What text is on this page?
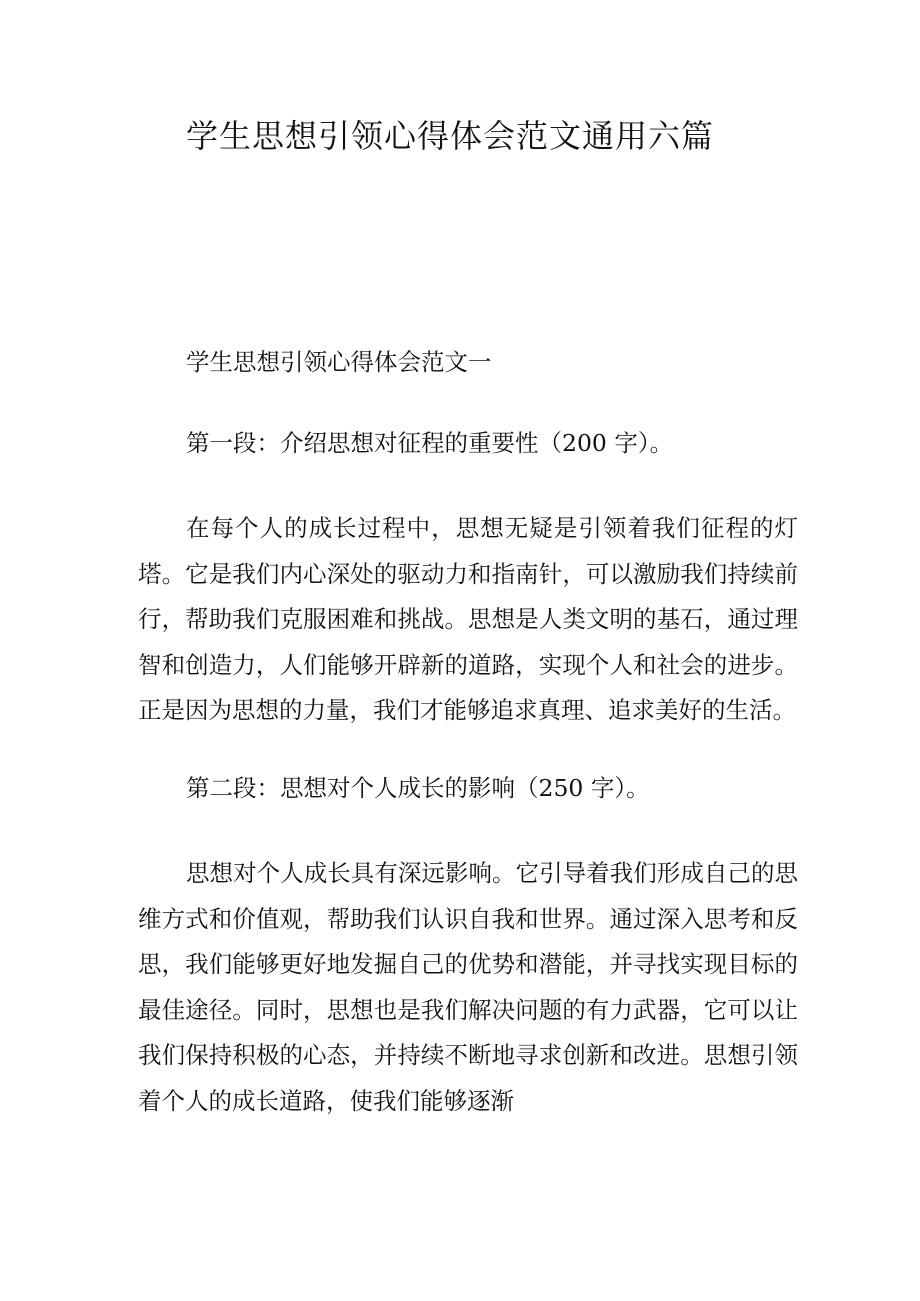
学生思想引领心得体会范文通用六篇

学生思想引领心得体会范文一

第一段：介绍思想对征程的重要性（200 字）。

在每个人的成长过程中，思想无疑是引领着我们征程的灯塔。它是我们内心深处的驱动力和指南针，可以激励我们持续前行，帮助我们克服困难和挑战。思想是人类文明的基石，通过理智和创造力，人们能够开辟新的道路，实现个人和社会的进步。正是因为思想的力量，我们才能够追求真理、追求美好的生活。

第二段：思想对个人成长的影响（250 字）。

思想对个人成长具有深远影响。它引导着我们形成自己的思维方式和价值观，帮助我们认识自我和世界。通过深入思考和反思，我们能够更好地发掘自己的优势和潜能，并寻找实现目标的最佳途径。同时，思想也是我们解决问题的有力武器，它可以让我们保持积极的心态，并持续不断地寻求创新和改进。思想引领着个人的成长道路，使我们能够逐渐
